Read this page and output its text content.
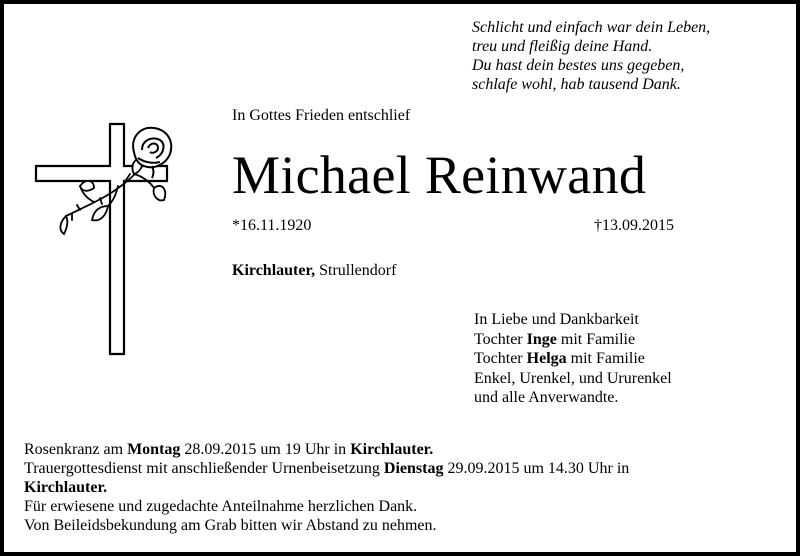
Schlicht und einfach war dein Leben,
treu und fleißig deine Hand.
Du hast dein bestes uns gegeben,
schlafe wohl, hab tausend Dank.
In Gottes Frieden entschlief
Michael Reinwand
*16.11.1920	†13.09.2015
Kirchlauter, Strullendorf
In Liebe und Dankbarkeit
Tochter Inge mit Familie
Tochter Helga mit Familie
Enkel, Urenkel, und Ururenkel
und alle Anverwandte.
Rosenkranz am Montag 28.09.2015 um 19 Uhr in Kirchlauter.
Trauergottesdienst mit anschließender Urnenbeisetzung Dienstag 29.09.2015 um 14.30 Uhr in
Kirchlauter.
Für erwiesene und zugedachte Anteilnahme herzlichen Dank.
Von Beileidsbekundung am Grab bitten wir Abstand zu nehmen.
